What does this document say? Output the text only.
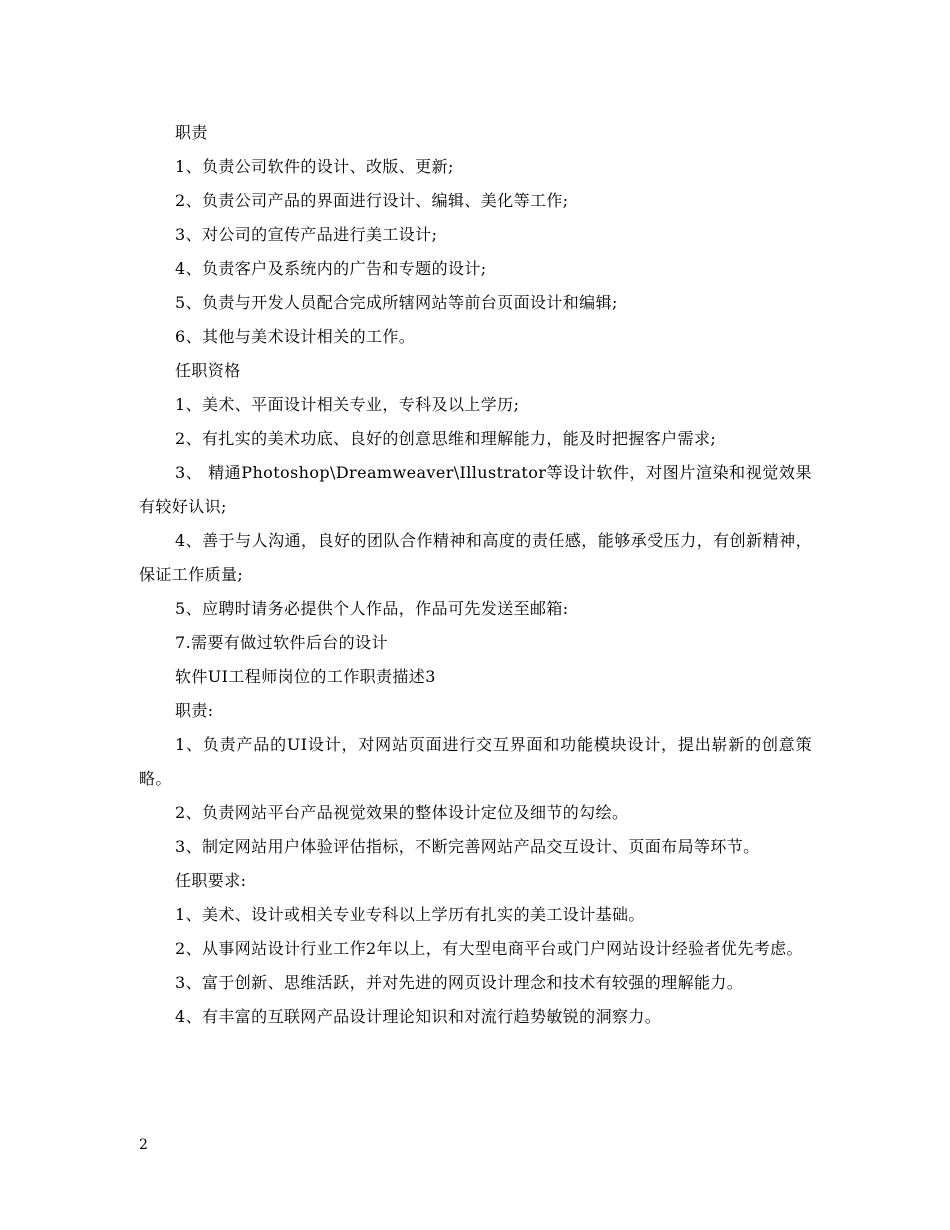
职责

1、负责公司软件的设计、改版、更新;

2、负责公司产品的界面进行设计、编辑、美化等工作;

3、对公司的宣传产品进行美工设计;

4、负责客户及系统内的广告和专题的设计;

5、负责与开发人员配合完成所辖网站等前台页面设计和编辑;

6、其他与美术设计相关的工作。

任职资格

1、美术、平面设计相关专业，专科及以上学历;

2、有扎实的美术功底、良好的创意思维和理解能力，能及时把握客户需求;

3、 精通Photoshop\Dreamweaver\Illustrator等设计软件，对图片渲染和视觉效果有较好认识;

4、善于与人沟通，良好的团队合作精神和高度的责任感，能够承受压力，有创新精神，保证工作质量;

5、应聘时请务必提供个人作品，作品可先发送至邮箱:

7.需要有做过软件后台的设计

软件UI工程师岗位的工作职责描述3

职责:

1、负责产品的UI设计，对网站页面进行交互界面和功能模块设计，提出崭新的创意策略。

2、负责网站平台产品视觉效果的整体设计定位及细节的勾绘。

3、制定网站用户体验评估指标，不断完善网站产品交互设计、页面布局等环节。

任职要求:

1、美术、设计或相关专业专科以上学历有扎实的美工设计基础。

2、从事网站设计行业工作2年以上，有大型电商平台或门户网站设计经验者优先考虑。

3、富于创新、思维活跃，并对先进的网页设计理念和技术有较强的理解能力。

4、有丰富的互联网产品设计理论知识和对流行趋势敏锐的洞察力。

2
